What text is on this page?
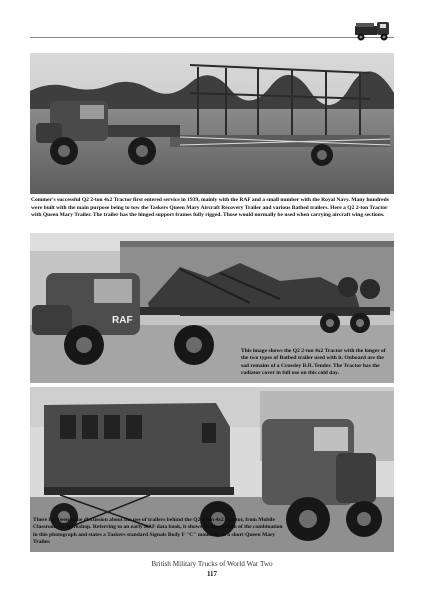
Commer's successful Q2 2-ton 4x2 Tractor first entered service in 1939, mainly with the RAF and a small number with the Royal Navy. Many hundreds were built with the main purpose being to tow the Taskers Queen Mary Aircraft Recovery Trailer and various Bathed trailers. Here a Q2 2-ton Tractor with Queen Mary Trailer. The trailer has the hinged support frames fully rigged. Those would normally be used when carrying aircraft wing sections.
RAF
This image shows the Q2 2-ton 4x2 Tractor with the longer of the two types of Batbed trailer used with it. Onboard are the sad remains of a Crossley RJL Tender. The Tractor has the radiator cover in full use on this cold day.
There has been some discussion about the use of trailers behind the Q2 2-ton 4x2 Tractor, from Mobile Classroom to Workshop. Referring to an early RAF data book, it shows an illustration of the combination in this photograph and states a Taskers standard Signals Body F "C" mounted on a short Queen Mary Trailer.
British Military Trucks of World War Two
117
